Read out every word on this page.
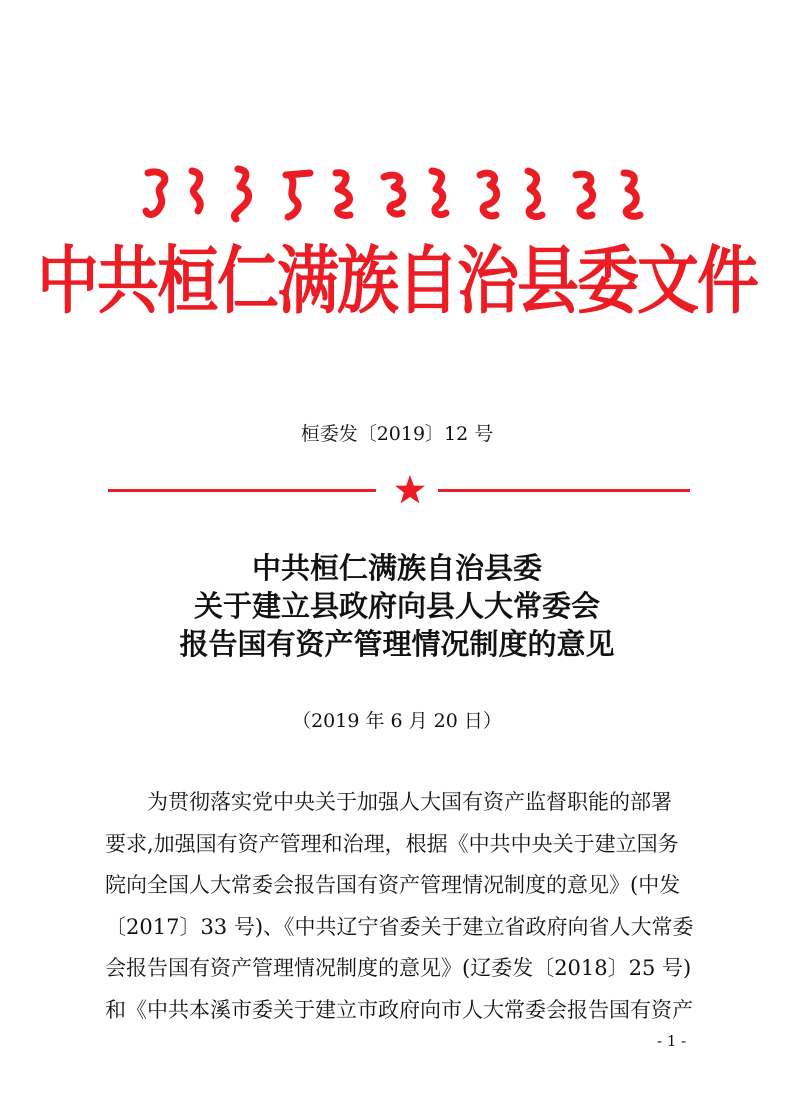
中共桓仁满族自治县委文件
桓委发〔2019〕12 号
中共桓仁满族自治县委
关于建立县政府向县人大常委会
报告国有资产管理情况制度的意见
（2019 年 6 月 20 日）
为贯彻落实党中央关于加强人大国有资产监督职能的部署
要求,加强国有资产管理和治理，根据《中共中央关于建立国务
院向全国人大常委会报告国有资产管理情况制度的意见》(中发
〔2017〕33 号)、《中共辽宁省委关于建立省政府向省人大常委
会报告国有资产管理情况制度的意见》(辽委发〔2018〕25 号)
和《中共本溪市委关于建立市政府向市人大常委会报告国有资产
- 1 -
